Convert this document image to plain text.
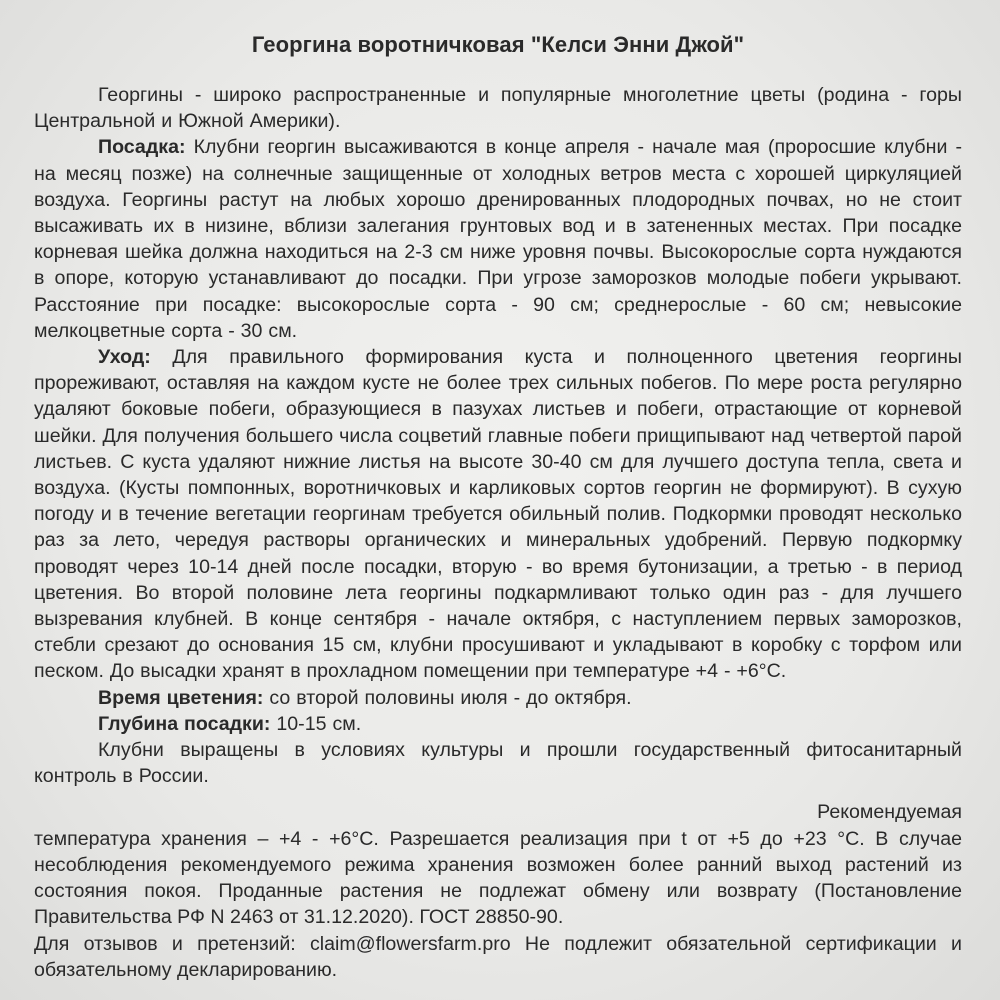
Георгина воротничковая "Келси Энни Джой"

Георгины - широко распространенные и популярные многолетние цветы (родина - горы Центральной и Южной Америки).

Посадка: Клубни георгин высаживаются в конце апреля - начале мая (проросшие клубни - на месяц позже) на солнечные защищенные от холодных ветров места с хорошей циркуляцией воздуха. Георгины растут на любых хорошо дренированных плодородных почвах, но не стоит высаживать их в низине, вблизи залегания грунтовых вод и в затененных местах. При посадке корневая шейка должна находиться на 2-3 см ниже уровня почвы. Высокорослые сорта нуждаются в опоре, которую устанавливают до посадки. При угрозе заморозков молодые побеги укрывают. Расстояние при посадке: высокорослые сорта - 90 см; среднерослые - 60 см; невысокие мелкоцветные сорта - 30 см.

Уход: Для правильного формирования куста и полноценного цветения георгины прореживают, оставляя на каждом кусте не более трех сильных побегов. По мере роста регулярно удаляют боковые побеги, образующиеся в пазухах листьев и побеги, отрастающие от корневой шейки. Для получения большего числа соцветий главные побеги прищипывают над четвертой парой листьев. С куста удаляют нижние листья на высоте 30-40 см для лучшего доступа тепла, света и воздуха. (Кусты помпонных, воротничковых и карликовых сортов георгин не формируют). В сухую погоду и в течение вегетации георгинам требуется обильный полив. Подкормки проводят несколько раз за лето, чередуя растворы органических и минеральных удобрений. Первую подкормку проводят через 10-14 дней после посадки, вторую - во время бутонизации, а третью - в период цветения. Во второй половине лета георгины подкармливают только один раз - для лучшего вызревания клубней. В конце сентября - начале октября, с наступлением первых заморозков, стебли срезают до основания 15 см, клубни просушивают и укладывают в коробку с торфом или песком. До высадки хранят в прохладном помещении при температуре +4 - +6°C.

Время цветения: со второй половины июля - до октября.

Глубина посадки: 10-15 см.

Клубни выращены в условиях культуры и прошли государственный фитосанитарный контроль в России.

Рекомендуемая

температура хранения – +4 - +6°C. Разрешается реализация при t от +5 до +23 °C. В случае несоблюдения рекомендуемого режима хранения возможен более ранний выход растений из состояния покоя. Проданные растения не подлежат обмену или возврату (Постановление Правительства РФ N 2463 от 31.12.2020). ГОСТ 28850-90.

Для отзывов и претензий: claim@flowersfarm.pro Не подлежит обязательной сертификации и обязательному декларированию.
